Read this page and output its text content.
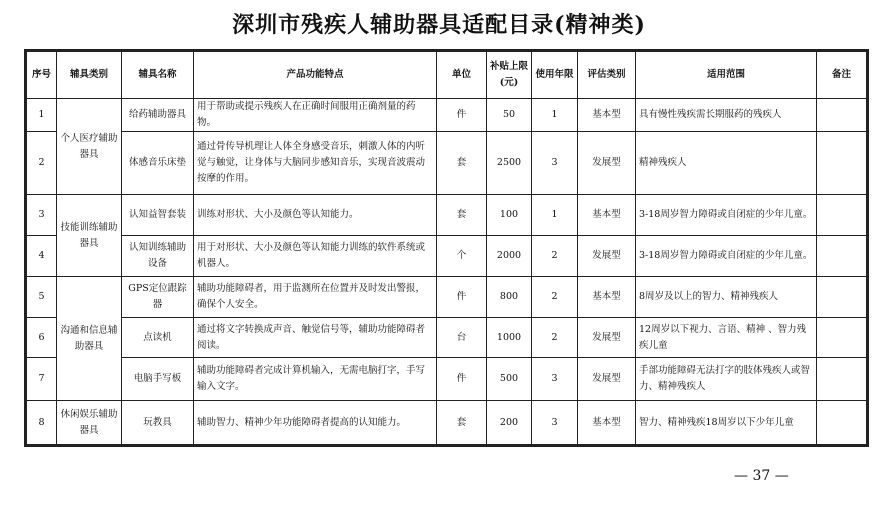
深圳市残疾人辅助器具适配目录(精神类)
序号	辅具类别	辅具名称	产品功能特点	单位	补贴上限(元)	使用年限	评估类别	适用范围	备注
1	个人医疗辅助器具	给药辅助器具	用于帮助或提示残疾人在正确时间服用正确剂量的药物。	件	50	1	基本型	具有慢性残疾需长期服药的残疾人	
2		体感音乐床垫	通过骨传导机理让人体全身感受音乐，刺激人体的内听觉与触觉，让身体与大脑同步感知音乐，实现音波震动按摩的作用。	套	2500	3	发展型	精神残疾人	
3	技能训练辅助器具	认知益智套装	训练对形状、大小及颜色等认知能力。	套	100	1	基本型	3-18周岁智力障碍或自闭症的少年儿童。	
4		认知训练辅助设备	用于对形状、大小及颜色等认知能力训练的软件系统或机器人。	个	2000	2	发展型	3-18周岁智力障碍或自闭症的少年儿童。	
5	沟通和信息辅助器具	GPS定位跟踪器	辅助功能障碍者，用于监测所在位置并及时发出警报，确保个人安全。	件	800	2	基本型	8周岁及以上的智力、精神残疾人	
6		点读机	通过将文字转换成声音、触觉信号等，辅助功能障碍者阅读。	台	1000	2	发展型	12周岁以下视力、言语、精神 、智力残疾儿童	
7		电脑手写板	辅助功能障碍者完成计算机输入，无需电脑打字，手写输入文字。	件	500	3	发展型	手部功能障碍无法打字的肢体残疾人或智力、精神残疾人	
8	休闲娱乐辅助器具	玩教具	辅助智力、精神少年功能障碍者提高的认知能力。	套	200	3	基本型	智力、精神残疾18周岁以下少年儿童	
— 37 —
